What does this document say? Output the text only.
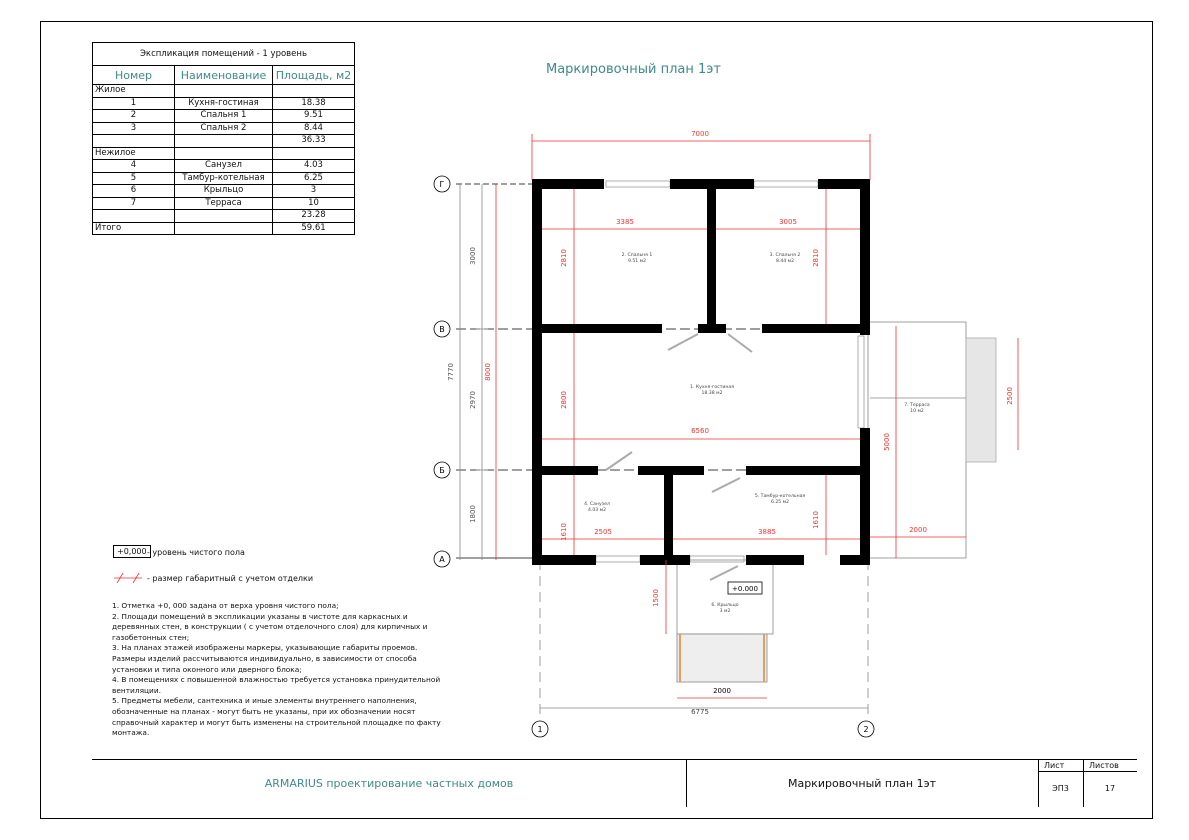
Экспликация помещений - 1 уровень		
Номер	Наименование	Площадь, м2
Жилое		
1	Кухня-гостиная	18.38
2	Спальня 1	9.51
3	Спальня 2	8.44
		36.33
Нежилое		
4	Санузел	4.03
5	Тамбур-котельная	6.25
6	Крыльцо	3
7	Терраса	10
		23.28
Итого		59.61
Маркировочный план 1эт
7000
3385	3005
2810	2810
6560
2800
2505	3885
1610
1610
8000
5000
2000
2500
1500
2000
6775
3000
2970
1800
7770
2. Спальня 1
9.51 м2
3. Спальня 2
8.44 м2
1. Кухня-гостиная
18.38 м2
4. Санузел
4.03 м2
5. Тамбур-котельная
6.25 м2
6. Крыльцо
3 м2
7. Терраса
10 м2
+0.000
Г
В
Б
А
1	2
+0,000 - уровень чистого пола
- размер габаритный с учетом отделки
1. Отметка +0, 000 задана от верха уровня чистого пола;
2. Площади помещений в экспликации указаны в чистоте для каркасных и деревянных стен, в конструкции ( с учетом отделочного слоя) для кирпичных и газобетонных стен;
3. На планах этажей изображены маркеры, указывающие габариты проемов. Размеры изделий рассчитываются индивидуально, в зависимости от способа установки и типа оконного или дверного блока;
4. В помещениях с повышенной влажностью требуется установка принудительной вентиляции.
5. Предметы мебели, сантехника и иные элементы внутреннего наполнения, обозначенные на планах - могут быть не указаны, при их обозначении носят справочный характер и могут быть изменены на строительной площадке по факту монтажа.
ARMARIUS проектирование частных домов	Маркировочный план 1эт
Лист
ЭП3
Листов
17
